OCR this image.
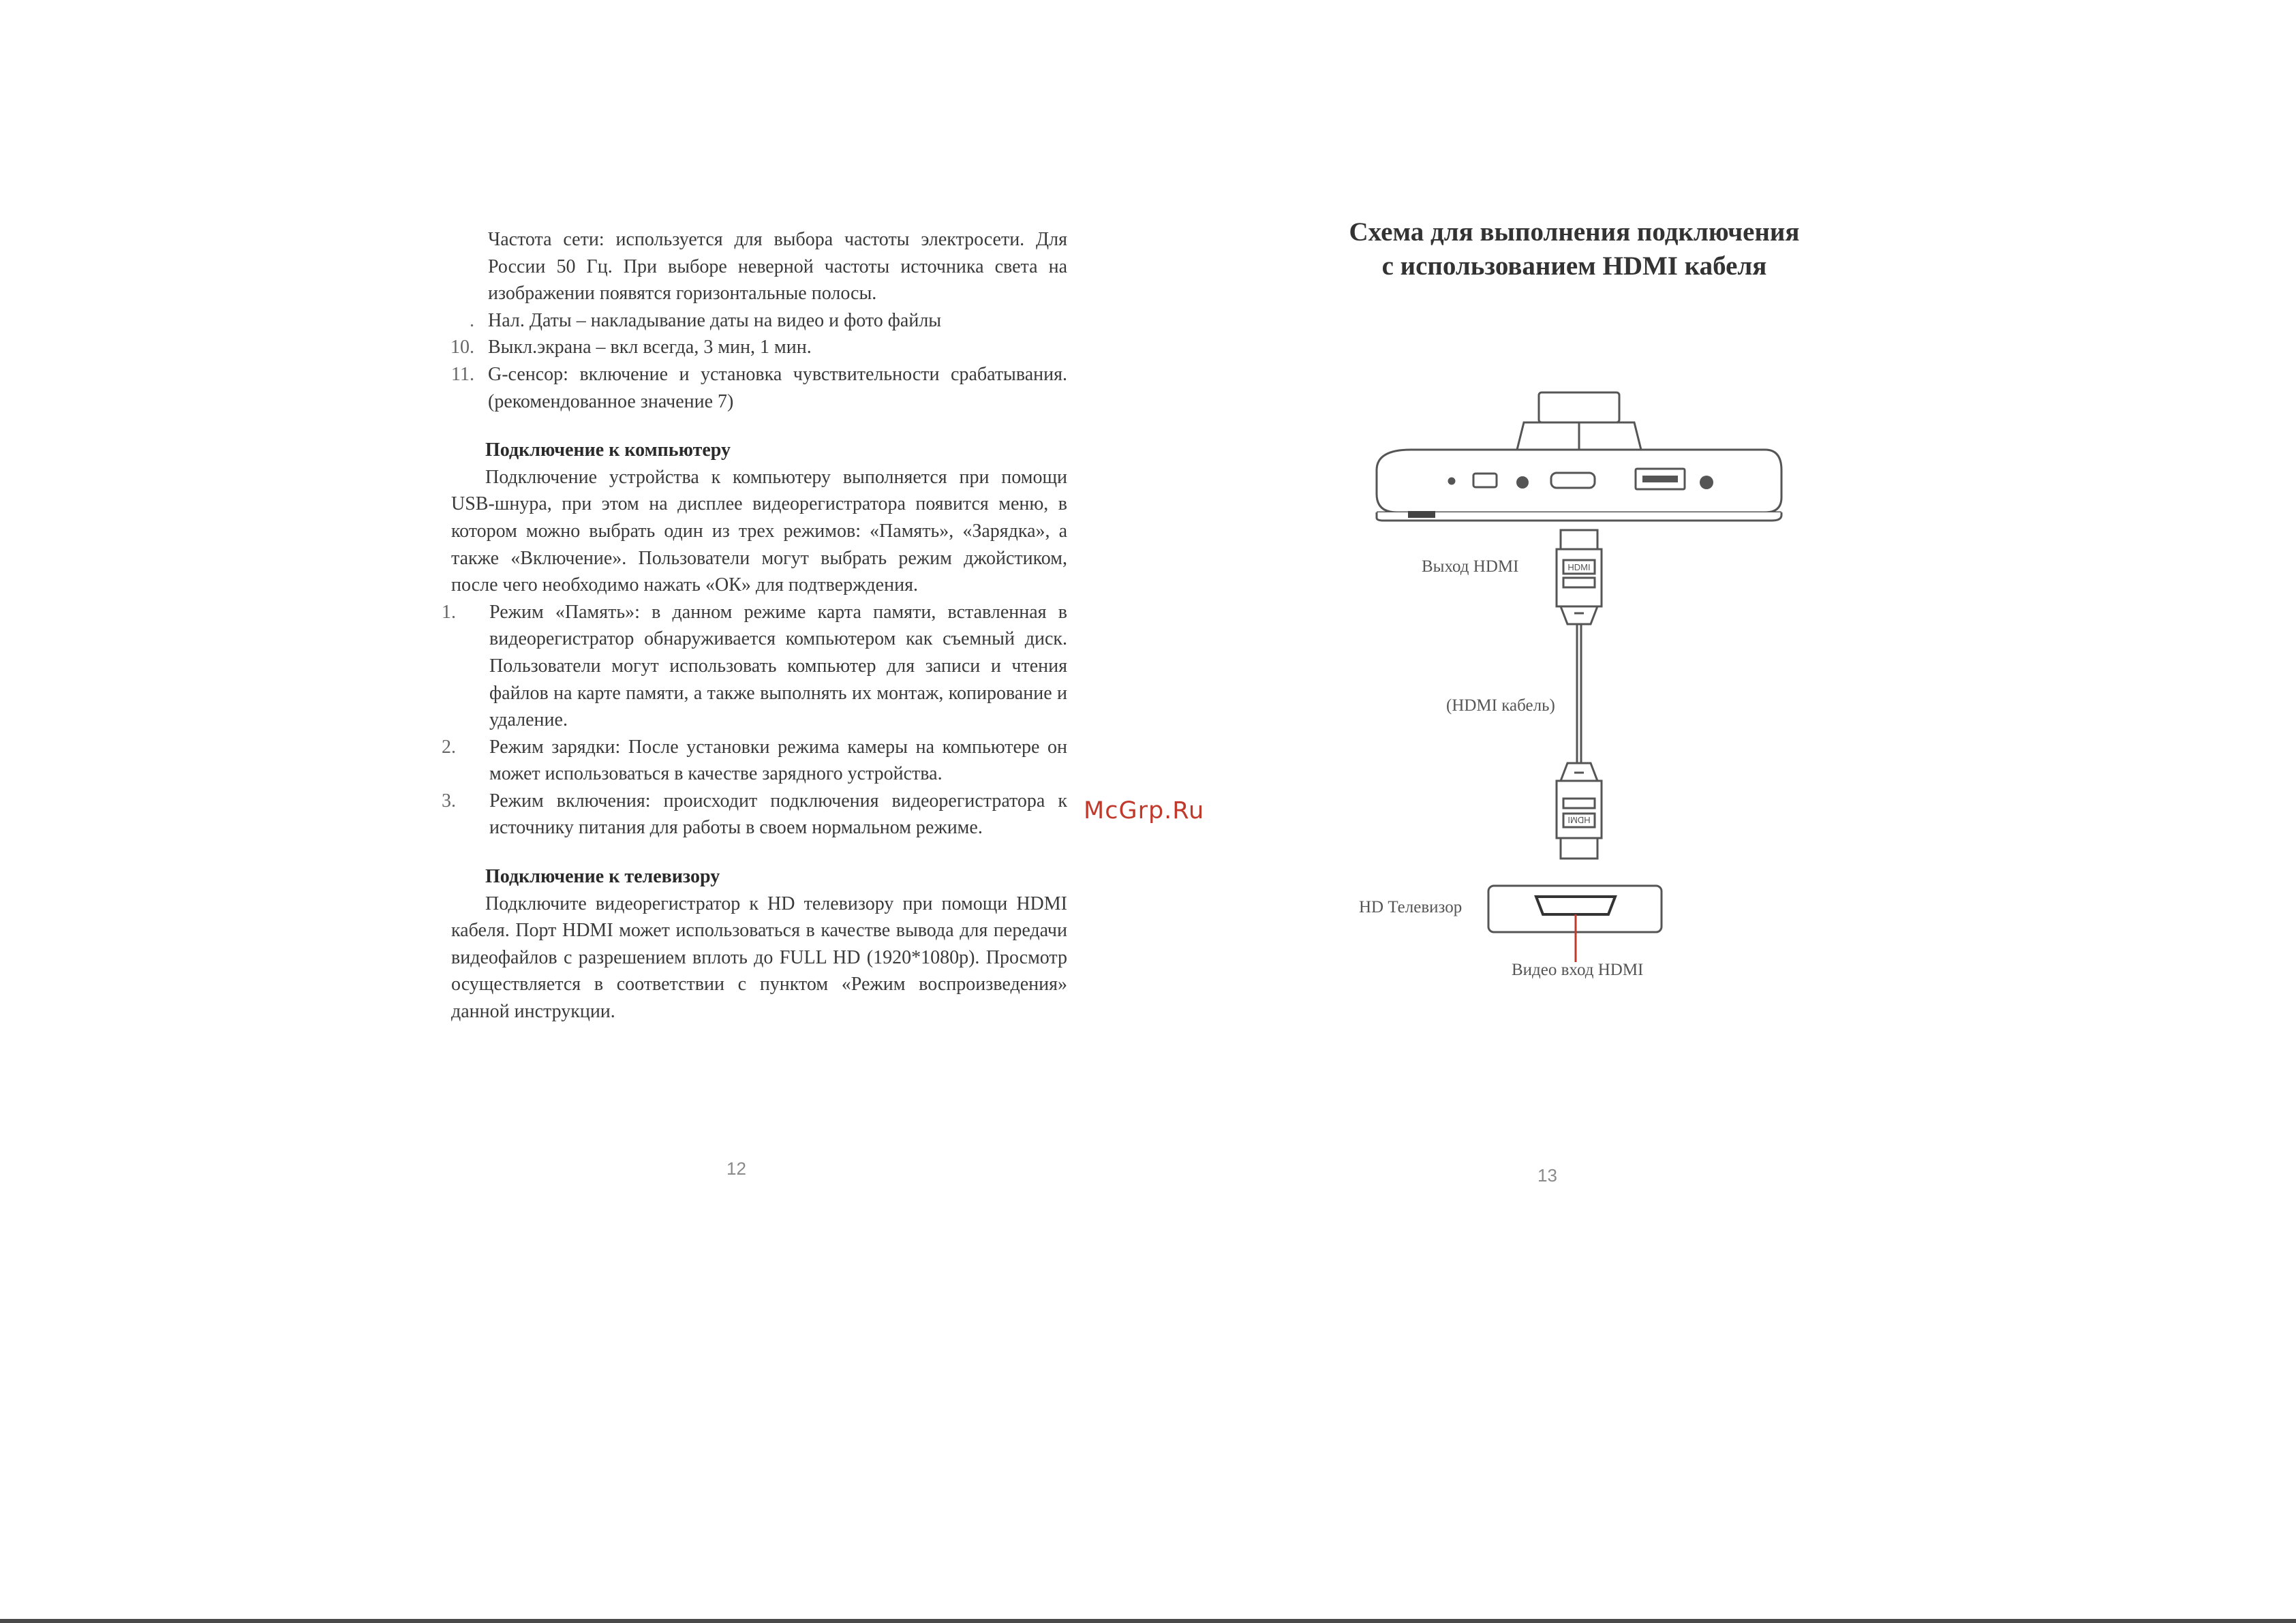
Частота сети: используется для выбора частоты электросети. Для России 50 Гц. При выборе неверной частоты источника света на изображении появятся горизонтальные полосы.
. Нал. Даты – накладывание даты на видео и фото файлы
10. Выкл.экрана – вкл всегда, 3 мин, 1 мин.
11. G-сенсор: включение и установка чувствительности срабатывания. (рекомендованное значение 7)
Подключение к компьютеру

Подключение устройства к компьютеру выполняется при помощи USB-шнура, при этом на дисплее видеорегистратора появится меню, в котором можно выбрать один из трех режимов: «Память», «Зарядка», а также «Включение». Пользователи могут выбрать режим джойстиком, после чего необходимо нажать «ОК» для подтверждения.

1.	Режим «Память»: в данном режиме карта памяти, вставленная в видеорегистратор обнаруживается компьютером как съемный диск. Пользователи могут использовать компьютер для записи и чтения файлов на карте памяти, а также выполнять их монтаж, копирование и удаление.
2.	Режим зарядки: После установки режима камеры на компьютере он может использоваться в качестве зарядного устройства.
3.	Режим включения: происходит подключения видеорегистратора к источнику питания для работы в своем нормальном режиме.
Подключение к телевизору

Подключите видеорегистратор к HD телевизору при помощи HDMI кабеля. Порт HDMI может использоваться в качестве вывода для передачи видеофайлов с разрешением вплоть до FULL HD (1920*1080p). Просмотр осуществляется в соответствии с пунктом «Режим воспроизведения» данной инструкции.

12
McGrp.Ru
Схема для выполнения подключения
с использованием HDMI кабеля
HDMI
HDMI
Выход HDMI
(HDMI кабель)
HD Телевизор
Видео вход HDMI
13
